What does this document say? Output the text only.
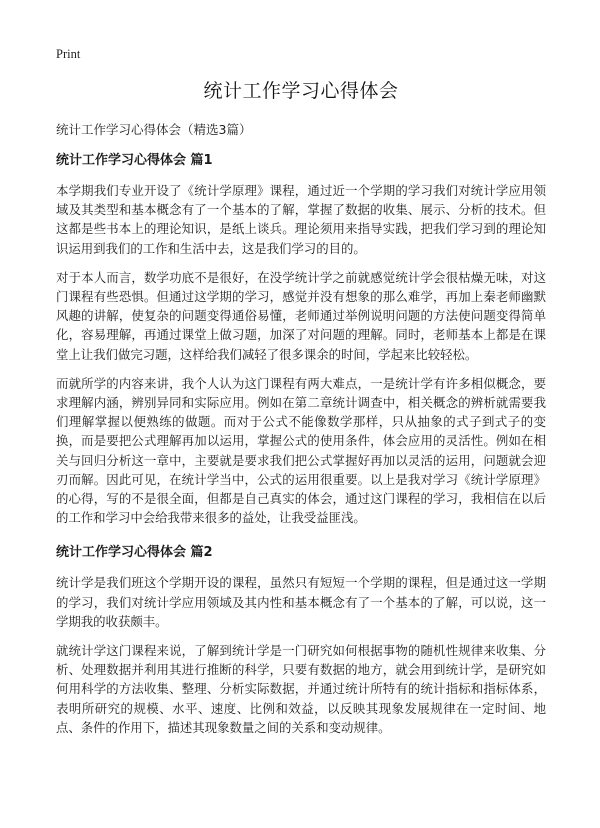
Print
统计工作学习心得体会
统计工作学习心得体会（精选3篇）
统计工作学习心得体会 篇1

本学期我们专业开设了《统计学原理》课程，通过近一个学期的学习我们对统计学应用领域及其类型和基本概念有了一个基本的了解，掌握了数据的收集、展示、分析的技术。但这都是些书本上的理论知识，是纸上谈兵。理论须用来指导实践，把我们学习到的理论知识运用到我们的工作和生活中去，这是我们学习的目的。

对于本人而言，数学功底不是很好，在没学统计学之前就感觉统计学会很枯燥无味，对这门课程有些恐惧。但通过这学期的学习，感觉并没有想象的那么难学，再加上秦老师幽默风趣的讲解，使复杂的问题变得通俗易懂，老师通过举例说明问题的方法使问题变得简单化，容易理解，再通过课堂上做习题，加深了对问题的理解。同时，老师基本上都是在课堂上让我们做完习题，这样给我们减轻了很多课余的时间，学起来比较轻松。

而就所学的内容来讲，我个人认为这门课程有两大难点，一是统计学有许多相似概念，要求理解内涵，辨别异同和实际应用。例如在第二章统计调查中，相关概念的辨析就需要我们理解掌握以便熟练的做题。而对于公式不能像数学那样，只从抽象的式子到式子的变换，而是要把公式理解再加以运用，掌握公式的使用条件，体会应用的灵活性。例如在相关与回归分析这一章中，主要就是要求我们把公式掌握好再加以灵活的运用，问题就会迎刃而解。因此可见，在统计学当中，公式的运用很重要。以上是我对学习《统计学原理》的心得，写的不是很全面，但都是自己真实的体会，通过这门课程的学习，我相信在以后的工作和学习中会给我带来很多的益处，让我受益匪浅。

统计工作学习心得体会 篇2

统计学是我们班这个学期开设的课程，虽然只有短短一个学期的课程，但是通过这一学期的学习，我们对统计学应用领域及其内性和基本概念有了一个基本的了解，可以说，这一学期我的收获颇丰。

就统计学这门课程来说，了解到统计学是一门研究如何根据事物的随机性规律来收集、分析、处理数据并利用其进行推断的科学，只要有数据的地方，就会用到统计学，是研究如何用科学的方法收集、整理、分析实际数据，并通过统计所特有的统计指标和指标体系，表明所研究的规模、水平、速度、比例和效益，以反映其现象发展规律在一定时间、地点、条件的作用下，描述其现象数量之间的关系和变动规律。
